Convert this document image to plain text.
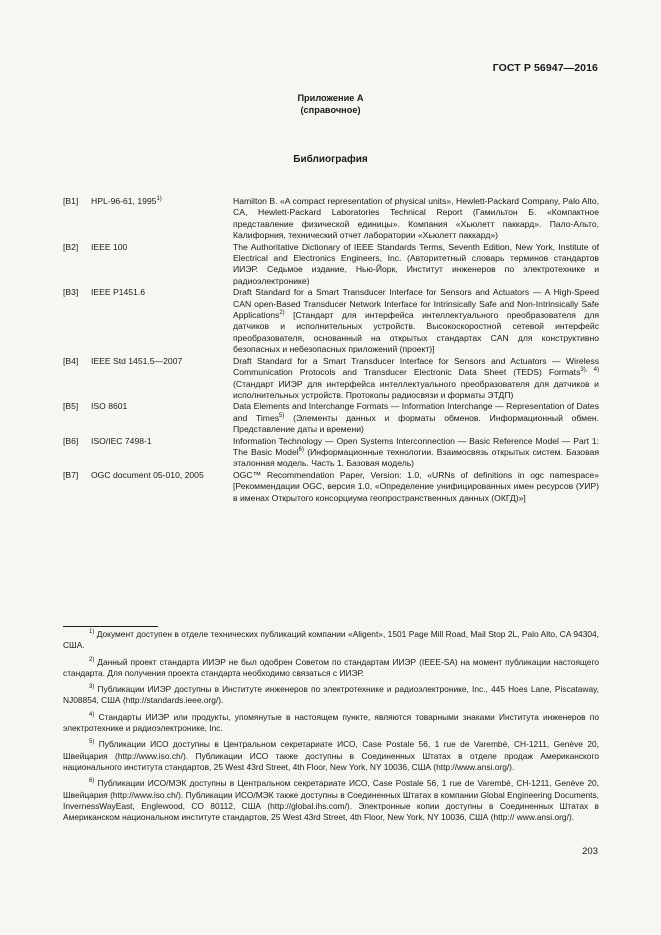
ГОСТ Р 56947—2016
Приложение А
(справочное)
Библиография
[B1]	HPL-96-61, 1995$^{1)}$	Hamilton B. «A compact representation of physical units», Hewlett-Packard Company, Palo Alto, CA, Hewlett-Packard Laboratories Technical Report (Гамильтон Б. «Компактное представление физической единицы». Компания «Хьюлетт паккард». Пало-Альто, Калифорния, технический отчет лаборатории «Хьюлетт паккард»)
[B2]	IEEE 100	The Authoritative Dictionary of IEEE Standards Terms, Seventh Edition, New York, Institute of Electrical and Electronics Engineers, Inc. (Авторитетный словарь терминов стандартов ИИЭР. Седьмое издание, Нью-Йорк, Институт инженеров по электротехнике и радиоэлектронике)
[B3]	IEEE P1451.6	Draft Standard for a Smart Transducer Interface for Sensors and Actuators — A High-Speed CAN open-Based Transducer Network Interface for Intrinsically Safe and Non-Intrinsically Safe Applications$^{2)}$ [Стандарт для интерфейса интеллектуального преобразователя для датчиков и исполнительных устройств. Высокоскоростной сетевой интерфейс преобразователя, основанный на открытых стандартах CAN для конструктивно безопасных и небезопасных приложений (проект)]
[B4]	IEEE Std 1451.5—2007	Draft Standard for a Smart Transducer Interface for Sensors and Actuators — Wireless Communication Protocols and Transducer Electronic Data Sheet (TEDS) Formats$^{3), 4)}$ (Стандарт ИИЭР для интерфейса интеллектуального преобразователя для датчиков и исполнительных устройств. Протоколы радиосвязи и форматы ЭТДП)
[B5]	ISO 8601	Data Elements and Interchange Formats — Information Interchange — Representation of Dates and Times$^{5)}$ (Элементы данных и форматы обменов. Информационный обмен. Представление даты и времени)
[B6]	ISO/IEC 7498-1	Information Technology — Open Systems Interconnection — Basic Reference Model — Part 1: The Basic Model$^{6)}$ (Информационные технологии. Взаимосвязь открытых систем. Базовая эталонная модель. Часть 1. Базовая модель)
[B7]	OGC document 05-010, 2005	OGC™ Recommendation Paper, Version: 1.0, «URNs of definitions in ogc namespace» [Рекоммендации OGC, версия 1.0, «Определение унифицированных имен ресурсов (УИР) в именах Открытого консорциума геопространственных данных (ОКГД)»]
$^{1)}$ Документ доступен в отделе технических публикаций компании «Aligent», 1501 Page Mill Road, Mail Stop 2L, Palo Alto, CA 94304, США.
$^{2)}$ Данный проект стандарта ИИЭР не был одобрен Советом по стандартам ИИЭР (IEEE-SA) на момент публикации настоящего стандарта. Для получения проекта стандарта необходимо связаться с ИИЭР.
$^{3)}$ Публикации ИИЭР доступны в Институте инженеров по электротехнике и радиоэлектронике, Inc., 445 Hoes Lane, Piscataway, NJ08854, США (http://standards.ieee.org/).
$^{4)}$ Стандарты ИИЭР или продукты, упомянутые в настоящем пункте, являются товарными знаками Института инженеров по электротехнике и радиоэлектронике, Inc.
$^{5)}$ Публикации ИСО доступны в Центральном секретариате ИСО, Case Postale 56, 1 rue de Varembé, CH-1211, Genève 20, Швейцария (http://www.iso.ch/). Публикации ИСО также доступны в Соединенных Штатах в отделе продаж Американского национального института стандартов, 25 West 43rd Street, 4th Floor, New York, NY 10036, США (http://www.ansi.org/).
$^{6)}$ Публикации ИСО/МЭК доступны в Центральном секретариате ИСО, Case Postale 56, 1 rue de Varembé, CH-1211, Genève 20, Швейцария (http://www.iso.ch/). Публикации ИСО/МЭК также доступны в Соединенных Штатах в компании Global Engineering Documents, InvernessWayEast, Englewood, CO 80112, США (http://global.ihs.com/). Электронные копии доступны в Соединенных Штатах в Американском национальном институте стандартов, 25 West 43rd Street, 4th Floor, New York, NY 10036, США (http:// www.ansi.org/).
203
